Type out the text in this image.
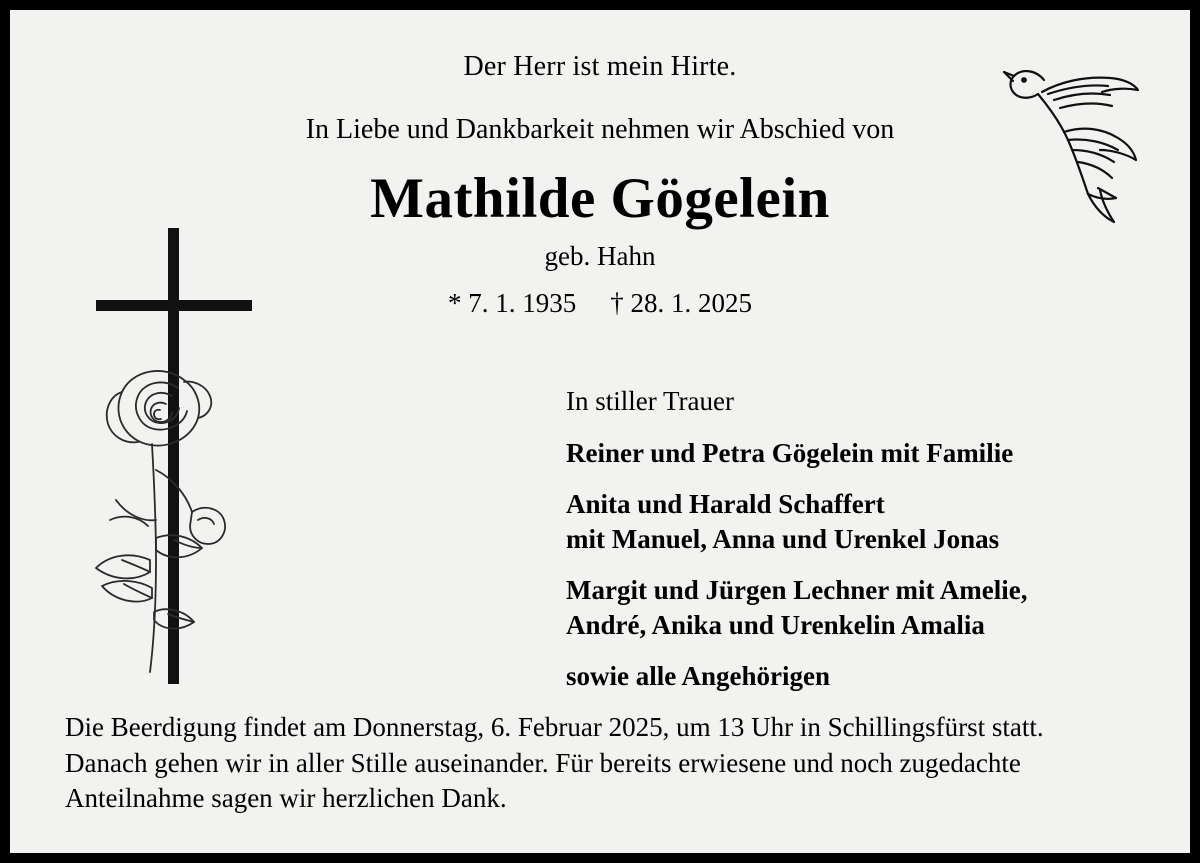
Der Herr ist mein Hirte.
In Liebe und Dankbarkeit nehmen wir Abschied von
Mathilde Gögelein
geb. Hahn
* 7. 1. 1935 † 28. 1. 2025
In stiller Trauer
Reiner und Petra Gögelein mit Familie
Anita und Harald Schaffert
mit Manuel, Anna und Urenkel Jonas
Margit und Jürgen Lechner mit Amelie,
André, Anika und Urenkelin Amalia
sowie alle Angehörigen

Die Beerdigung findet am Donnerstag, 6. Februar 2025, um 13 Uhr in Schillingsfürst statt.

Danach gehen wir in aller Stille auseinander. Für bereits erwiesene und noch zugedachte

Anteilnahme sagen wir herzlichen Dank.
